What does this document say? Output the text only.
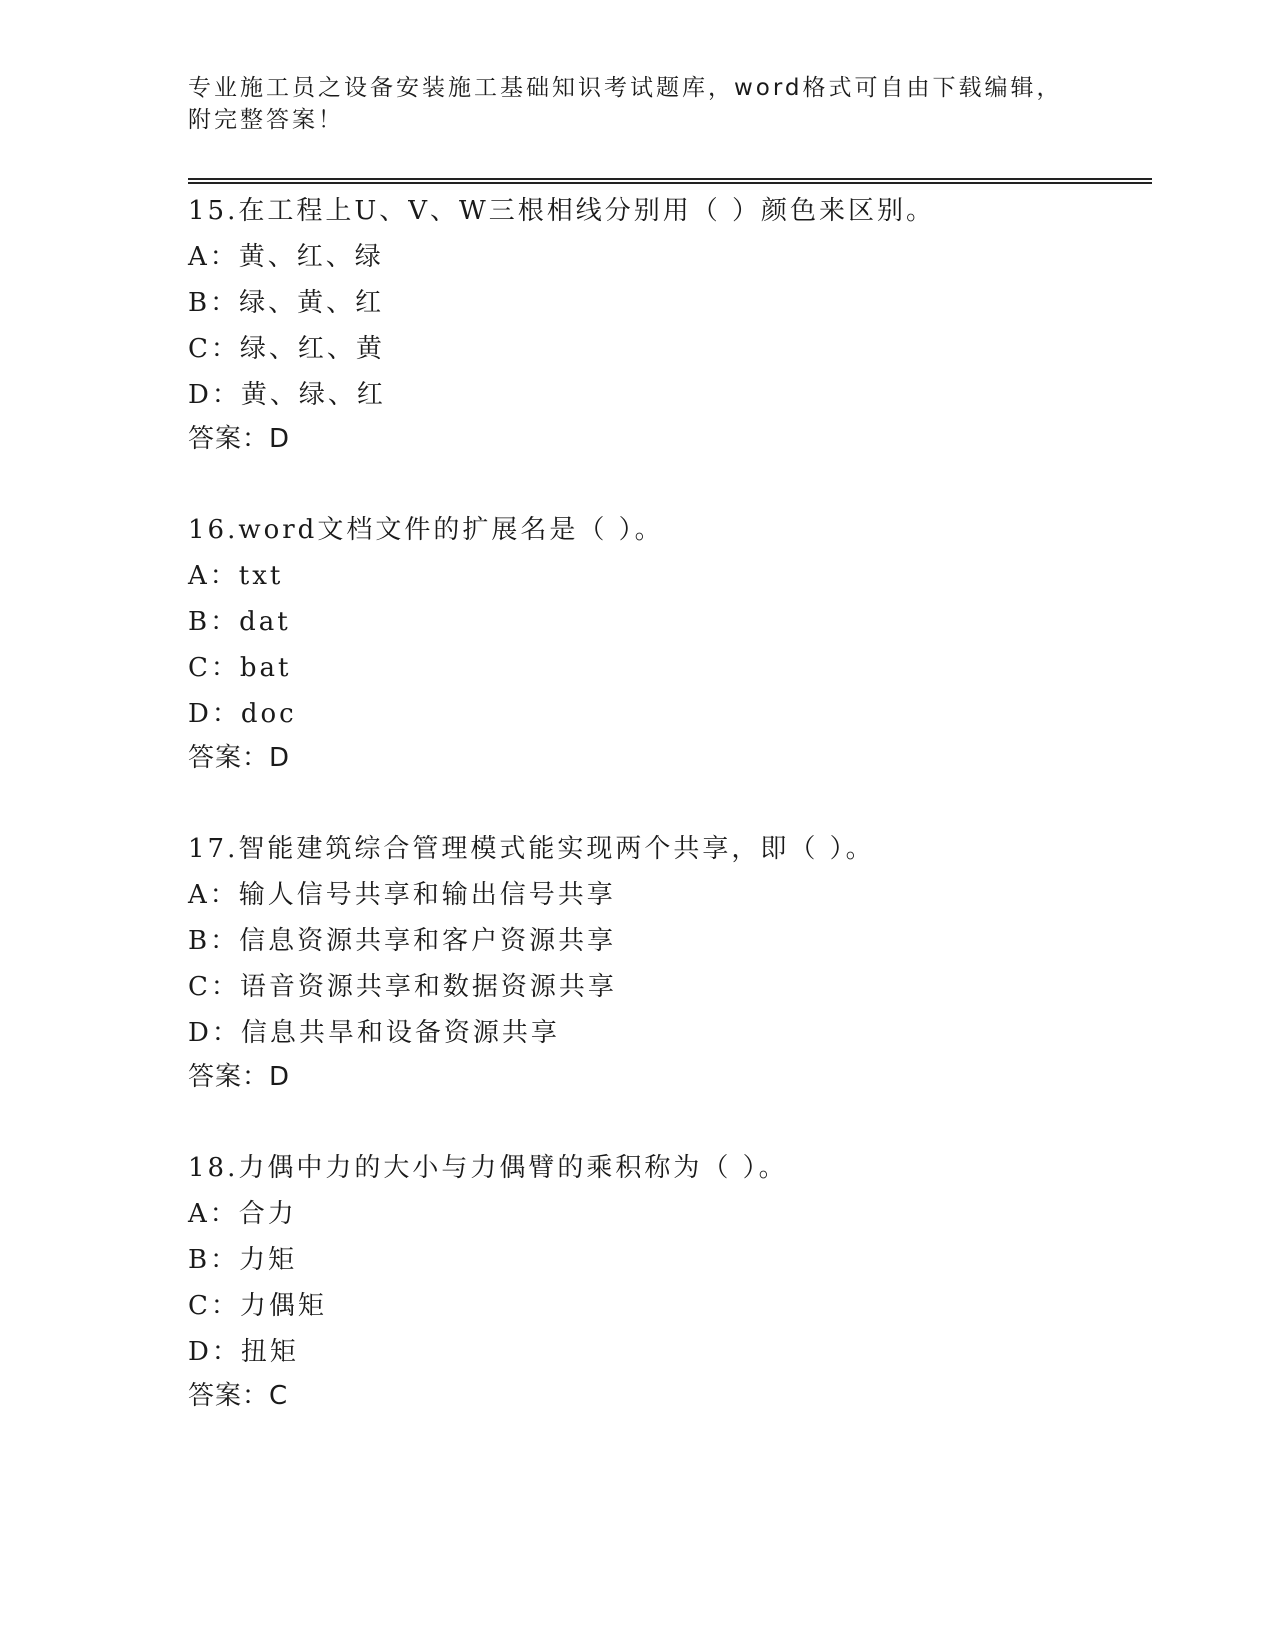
专业施工员之设备安装施工基础知识考试题库，word格式可自由下载编辑，附完整答案！
15.在工程上U、V、W三根相线分别用（ ）颜色来区别。
A：黄、红、绿
B：绿、黄、红
C：绿、红、黄
D：黄、绿、红
答案：D
16.word文档文件的扩展名是（ ）。
A：txt
B：dat
C：bat
D：doc
答案：D
17.智能建筑综合管理模式能实现两个共享，即（ ）。
A：输人信号共享和输出信号共享
B：信息资源共享和客户资源共享
C：语音资源共享和数据资源共享
D：信息共旱和设备资源共享
答案：D
18.力偶中力的大小与力偶臂的乘积称为（ ）。
A：合力
B：力矩
C：力偶矩
D：扭矩
答案：C
